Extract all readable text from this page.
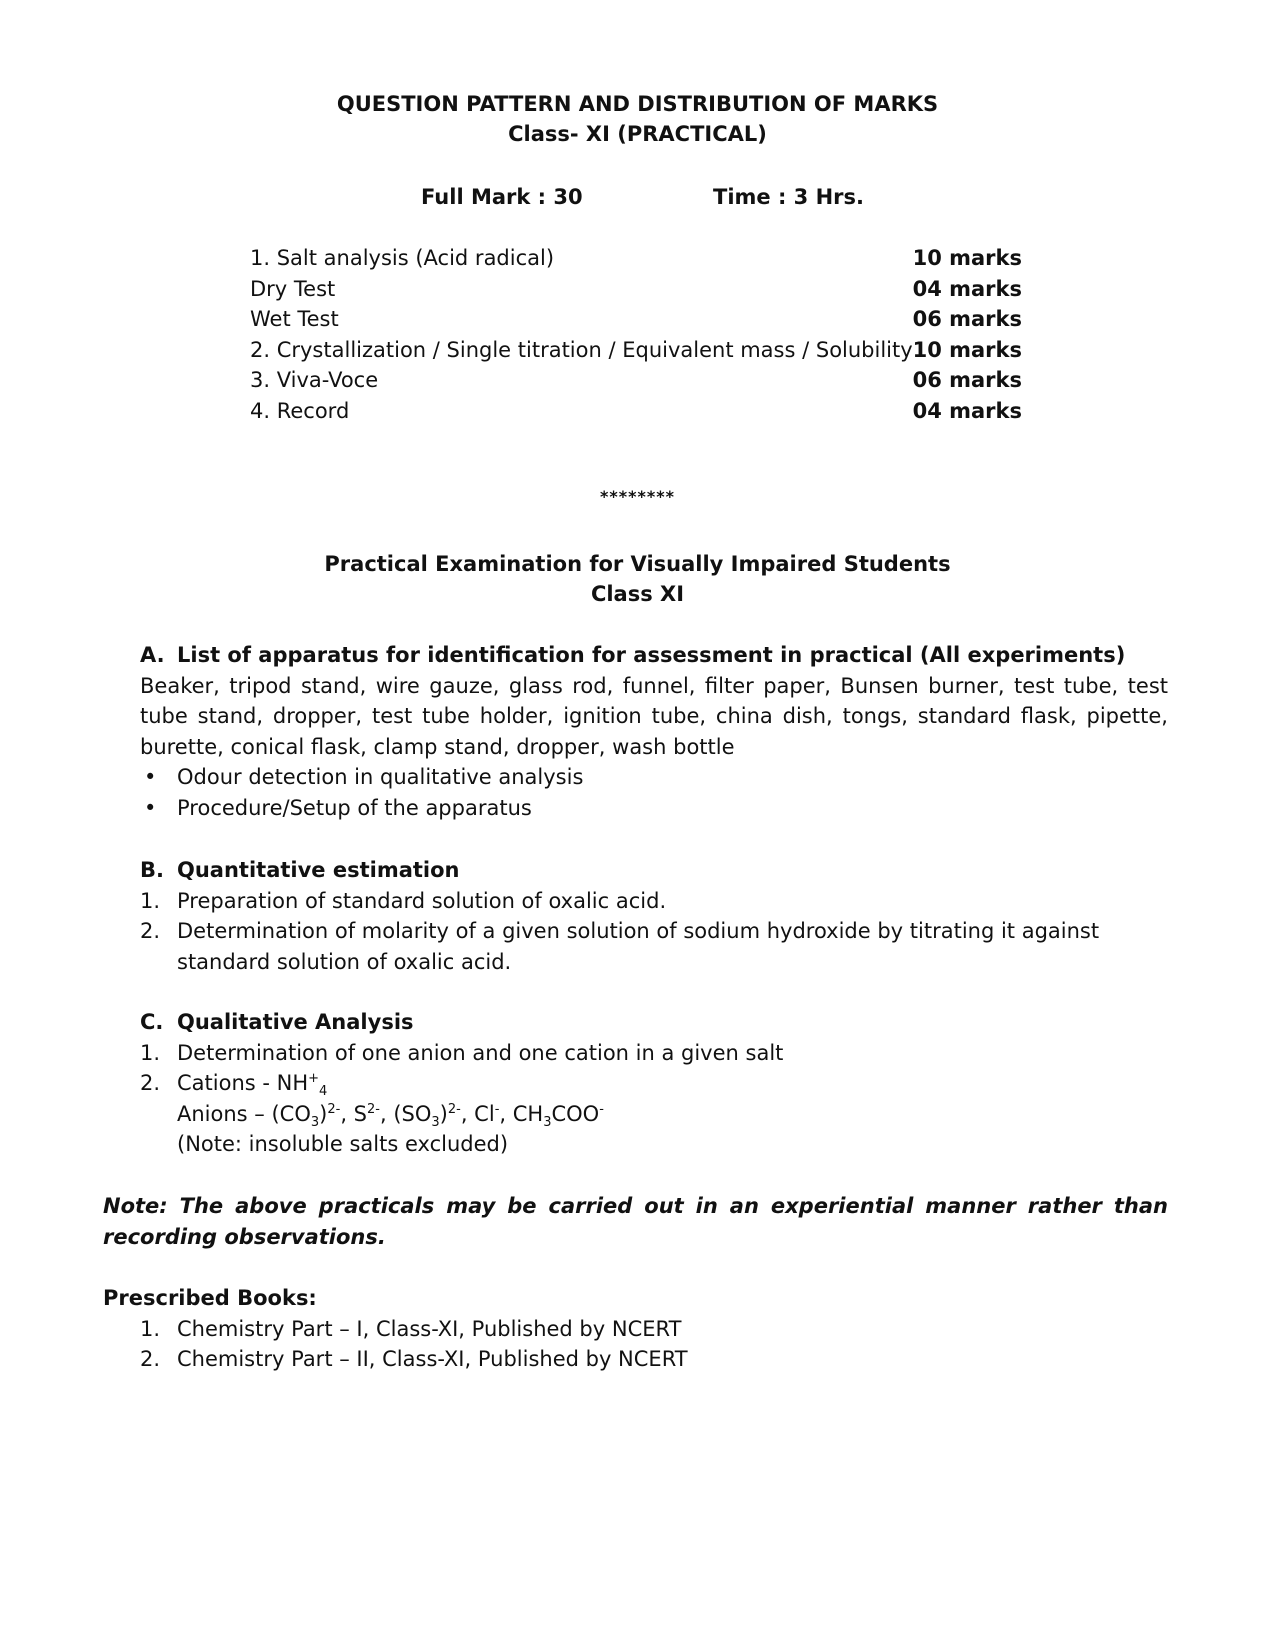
QUESTION PATTERN AND DISTRIBUTION OF MARKS
Class- XI (PRACTICAL)
Full Mark : 30	Time : 3 Hrs.
1. Salt analysis (Acid radical)	10 marks
Dry Test	04 marks
Wet Test	06 marks
2. Crystallization / Single titration / Equivalent mass / Solubility 10 marks
3. Viva-Voce	06 marks
4. Record	04 marks
********
Practical Examination for Visually Impaired Students
Class XI
A. List of apparatus for identification for assessment in practical (All experiments)
Beaker, tripod stand, wire gauze, glass rod, funnel, filter paper, Bunsen burner, test tube, test tube stand, dropper, test tube holder, ignition tube, china dish, tongs, standard flask, pipette, burette, conical flask, clamp stand, dropper, wash bottle
• Odour detection in qualitative analysis
• Procedure/Setup of the apparatus
B. Quantitative estimation
1. Preparation of standard solution of oxalic acid.
2. Determination of molarity of a given solution of sodium hydroxide by titrating it against standard solution of oxalic acid.
C. Qualitative Analysis
1. Determination of one anion and one cation in a given salt
2. Cations - $NH^+_4$
Anions – $(CO_3)^{2-}$, $S^{2-}$, $(SO_3)^{2-}$, Cl-, $CH_3COO^-$
(Note: insoluble salts excluded)
Note: The above practicals may be carried out in an experiential manner rather than recording observations.
Prescribed Books:
1. Chemistry Part – I, Class-XI, Published by NCERT
2. Chemistry Part – II, Class-XI, Published by NCERT
